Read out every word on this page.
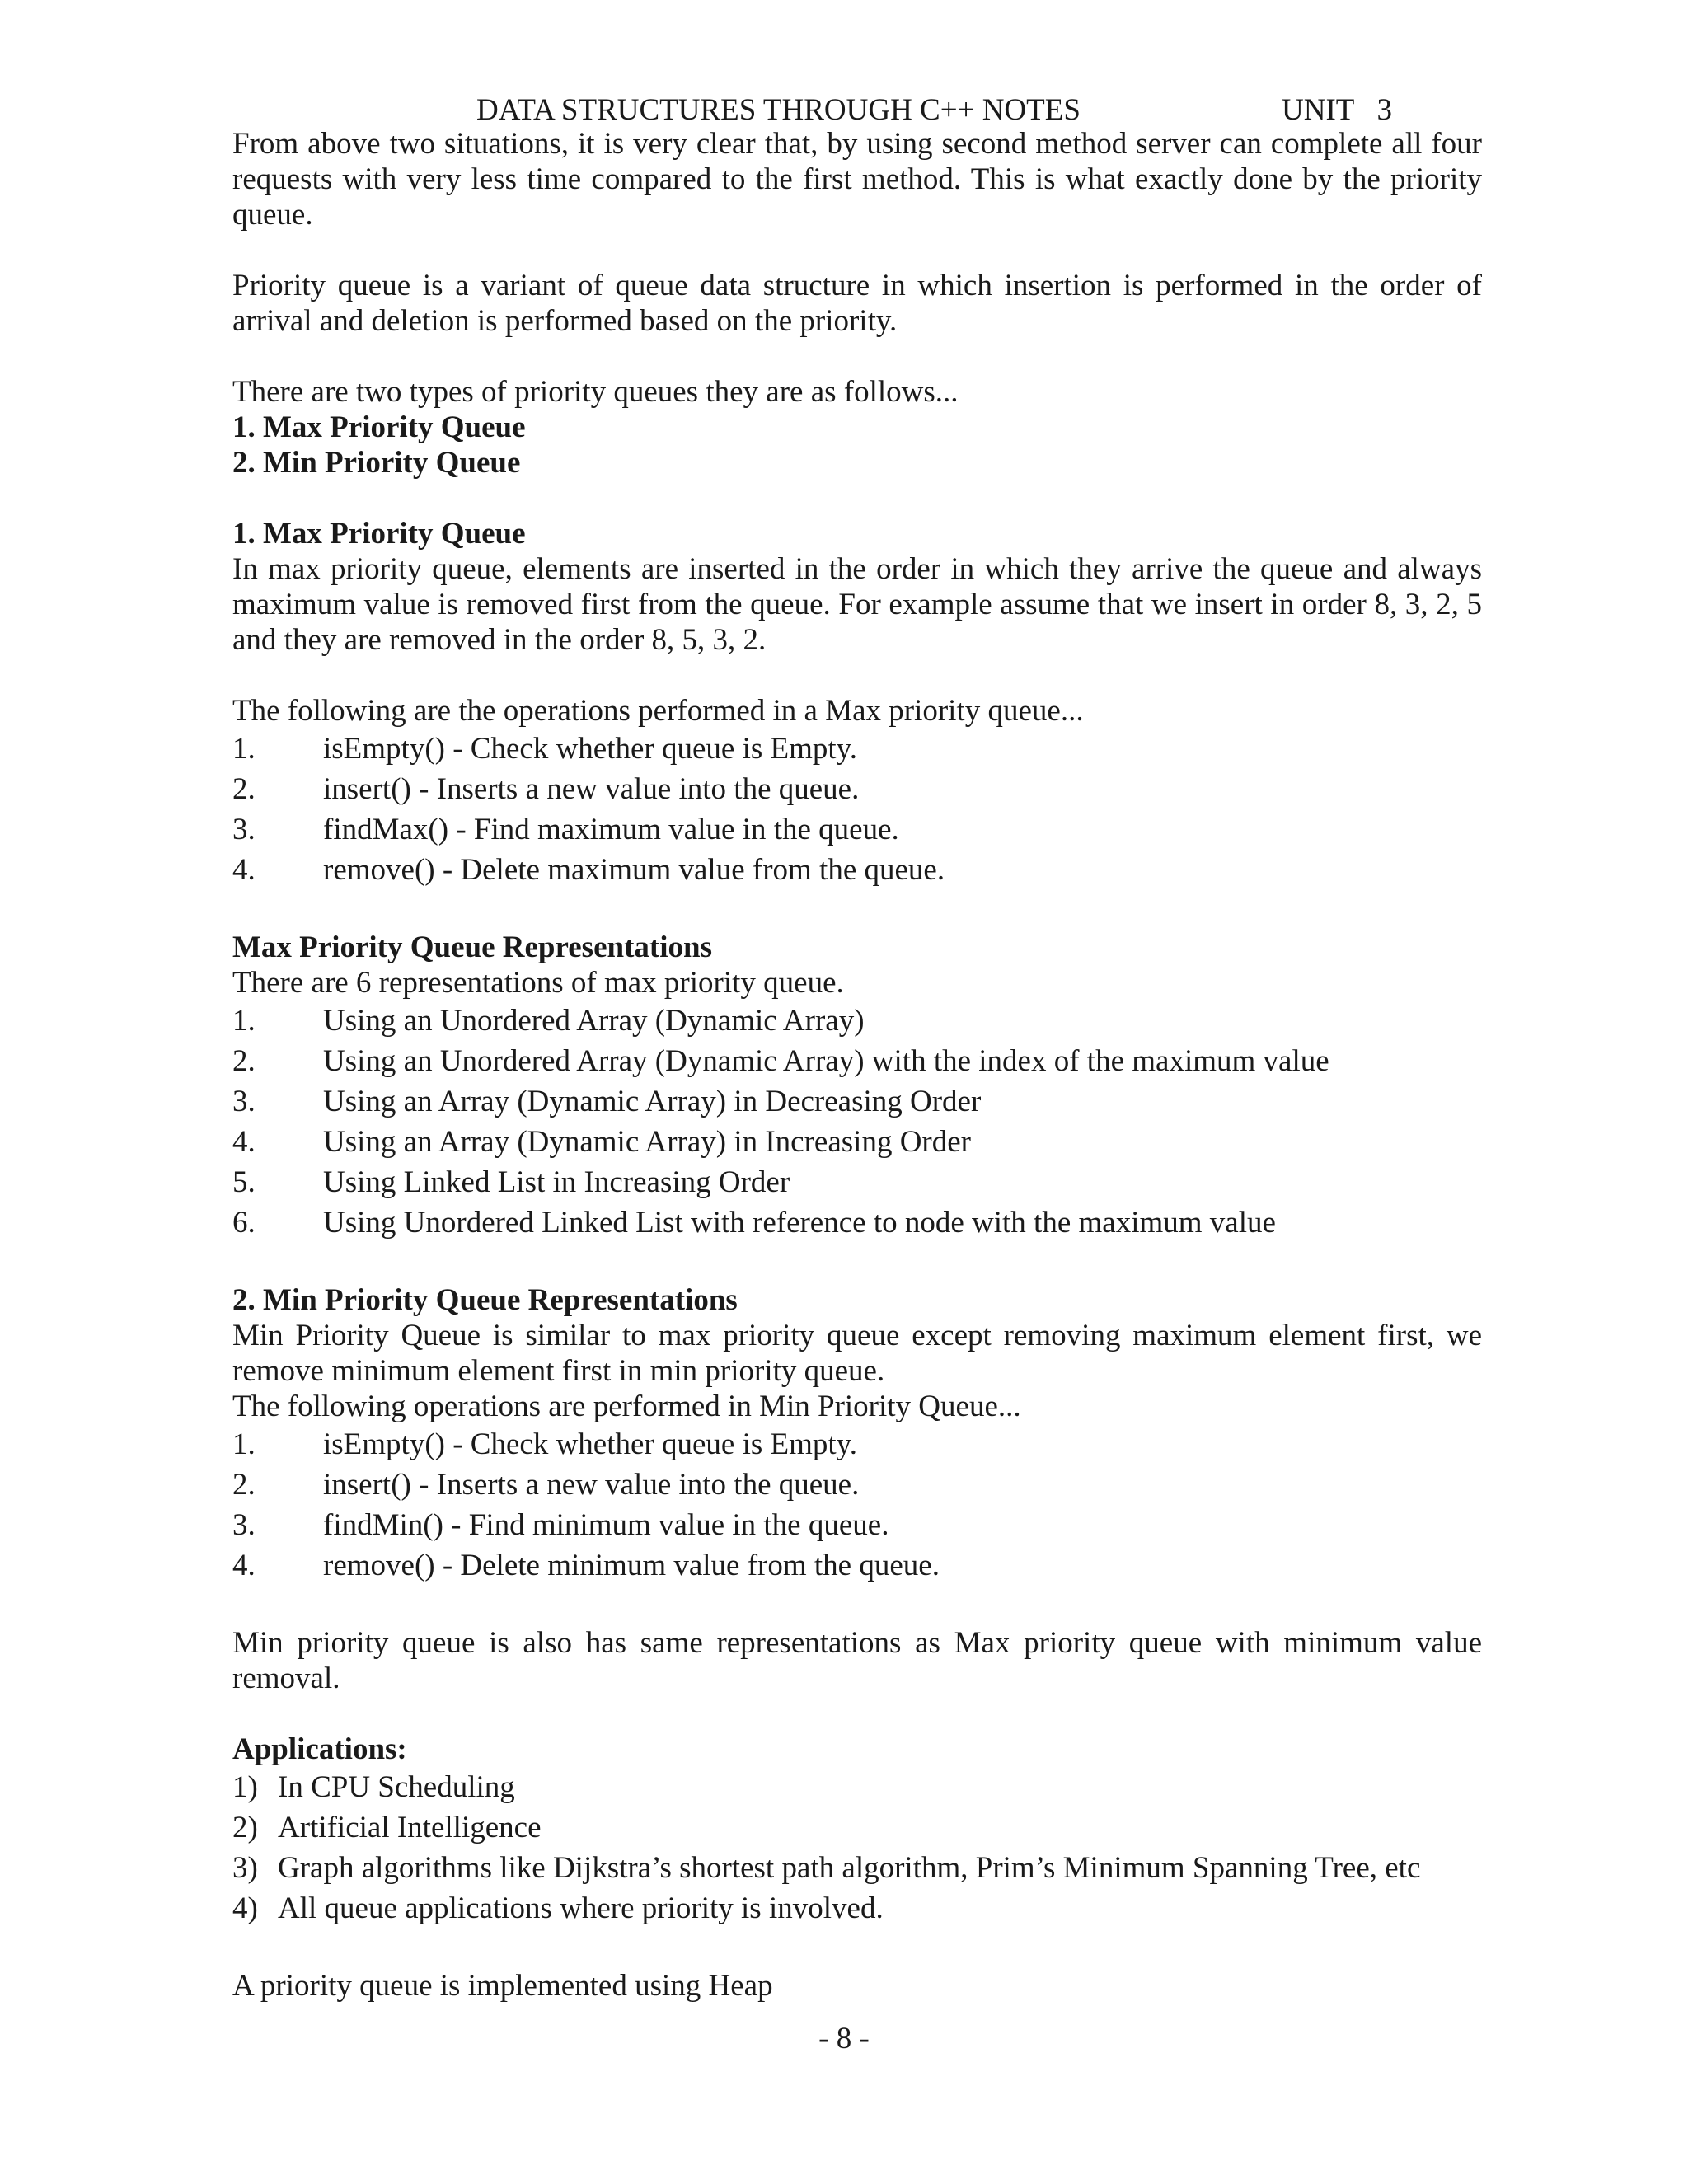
DATA STRUCTURES THROUGH C++ NOTES	UNIT   3

From above two situations, it is very clear that, by using second method server can complete all four requests with very less time compared to the first method. This is what exactly done by the priority queue.

Priority queue is a variant of queue data structure in which insertion is performed in the order of arrival and deletion is performed based on the priority.

There are two types of priority queues they are as follows...

1. Max Priority Queue

2. Min Priority Queue

1. Max Priority Queue

In max priority queue, elements are inserted in the order in which they arrive the queue and always maximum value is removed first from the queue. For example assume that we insert in order 8, 3, 2, 5 and they are removed in the order 8, 5, 3, 2.

The following are the operations performed in a Max priority queue...

1. isEmpty() - Check whether queue is Empty.
2. insert() - Inserts a new value into the queue.
3. findMax() - Find maximum value in the queue.
4. remove() - Delete maximum value from the queue.

Max Priority Queue Representations

There are 6 representations of max priority queue.

1. Using an Unordered Array (Dynamic Array)
2. Using an Unordered Array (Dynamic Array) with the index of the maximum value
3. Using an Array (Dynamic Array) in Decreasing Order
4. Using an Array (Dynamic Array) in Increasing Order
5. Using Linked List in Increasing Order
6. Using Unordered Linked List with reference to node with the maximum value

2. Min Priority Queue Representations

Min Priority Queue is similar to max priority queue except removing maximum element first, we remove minimum element first in min priority queue.

The following operations are performed in Min Priority Queue...

1. isEmpty() - Check whether queue is Empty.
2. insert() - Inserts a new value into the queue.
3. findMin() - Find minimum value in the queue.
4. remove() - Delete minimum value from the queue.

Min priority queue is also has same representations as Max priority queue with minimum value removal.

Applications:

1) In CPU Scheduling
2) Artificial Intelligence
3) Graph algorithms like Dijkstra’s shortest path algorithm, Prim’s Minimum Spanning Tree, etc
4) All queue applications where priority is involved.

A priority queue is implemented using Heap

- 8 -
